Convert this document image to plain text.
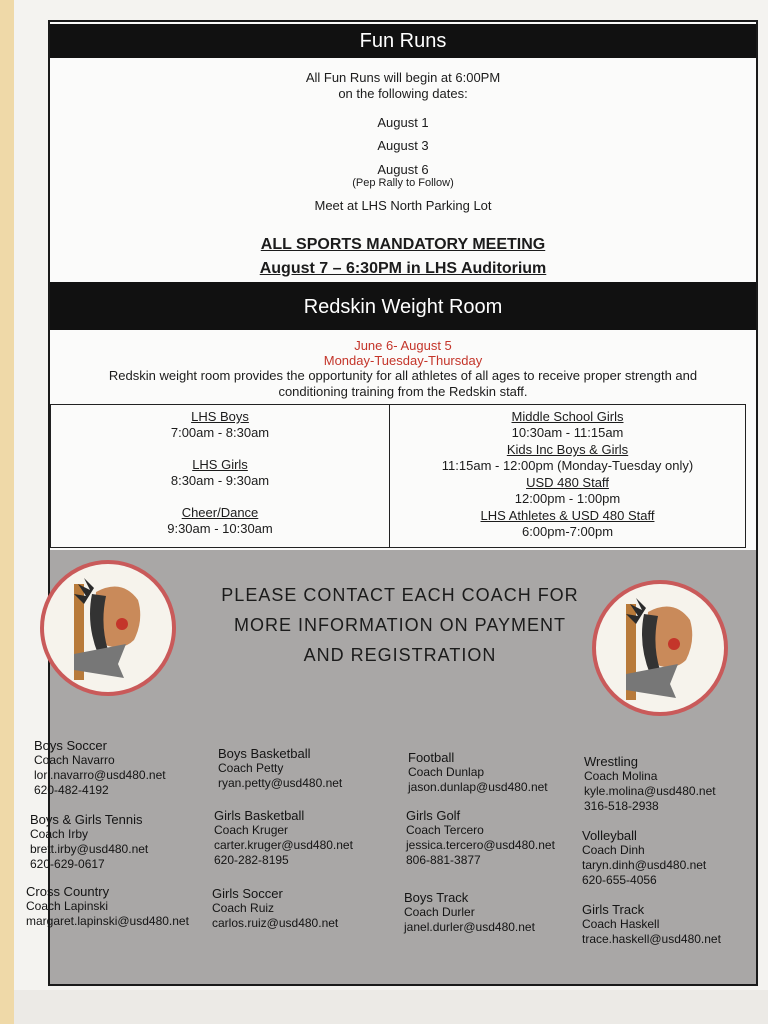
Fun Runs
All Fun Runs will begin at 6:00PM
on the following dates:
August 1
August 3
August 6
(Pep Rally to Follow)
Meet at LHS North Parking Lot
ALL SPORTS MANDATORY MEETING
August 7 – 6:30PM in LHS Auditorium
Redskin Weight Room
June 6- August 5
Monday-Tuesday-Thursday
Redskin weight room provides the opportunity for all athletes of all ages to receive proper strength and
conditioning training from the Redskin staff.
LHS Boys
7:00am - 8:30am
LHS Girls
8:30am - 9:30am
Cheer/Dance
9:30am - 10:30am
Middle School Girls
10:30am - 11:15am
Kids Inc Boys & Girls
11:15am - 12:00pm (Monday-Tuesday only)
USD 480 Staff
12:00pm - 1:00pm
LHS Athletes & USD 480 Staff
6:00pm-7:00pm
PLEASE CONTACT EACH COACH FOR
MORE INFORMATION ON PAYMENT
AND REGISTRATION
Boys Soccer
Coach Navarro
lori.navarro@usd480.net
620-482-4192
Boys & Girls Tennis
Coach Irby
brett.irby@usd480.net
620-629-0617
Cross Country
Coach Lapinski
margaret.lapinski@usd480.net
Boys Basketball
Coach Petty
ryan.petty@usd480.net
Girls Basketball
Coach Kruger
carter.kruger@usd480.net
620-282-8195
Girls Soccer
Coach Ruiz
carlos.ruiz@usd480.net
Football
Coach Dunlap
jason.dunlap@usd480.net
Girls Golf
Coach Tercero
jessica.tercero@usd480.net
806-881-3877
Boys Track
Coach Durler
janel.durler@usd480.net
Wrestling
Coach Molina
kyle.molina@usd480.net
316-518-2938
Volleyball
Coach Dinh
taryn.dinh@usd480.net
620-655-4056
Girls Track
Coach Haskell
trace.haskell@usd480.net
